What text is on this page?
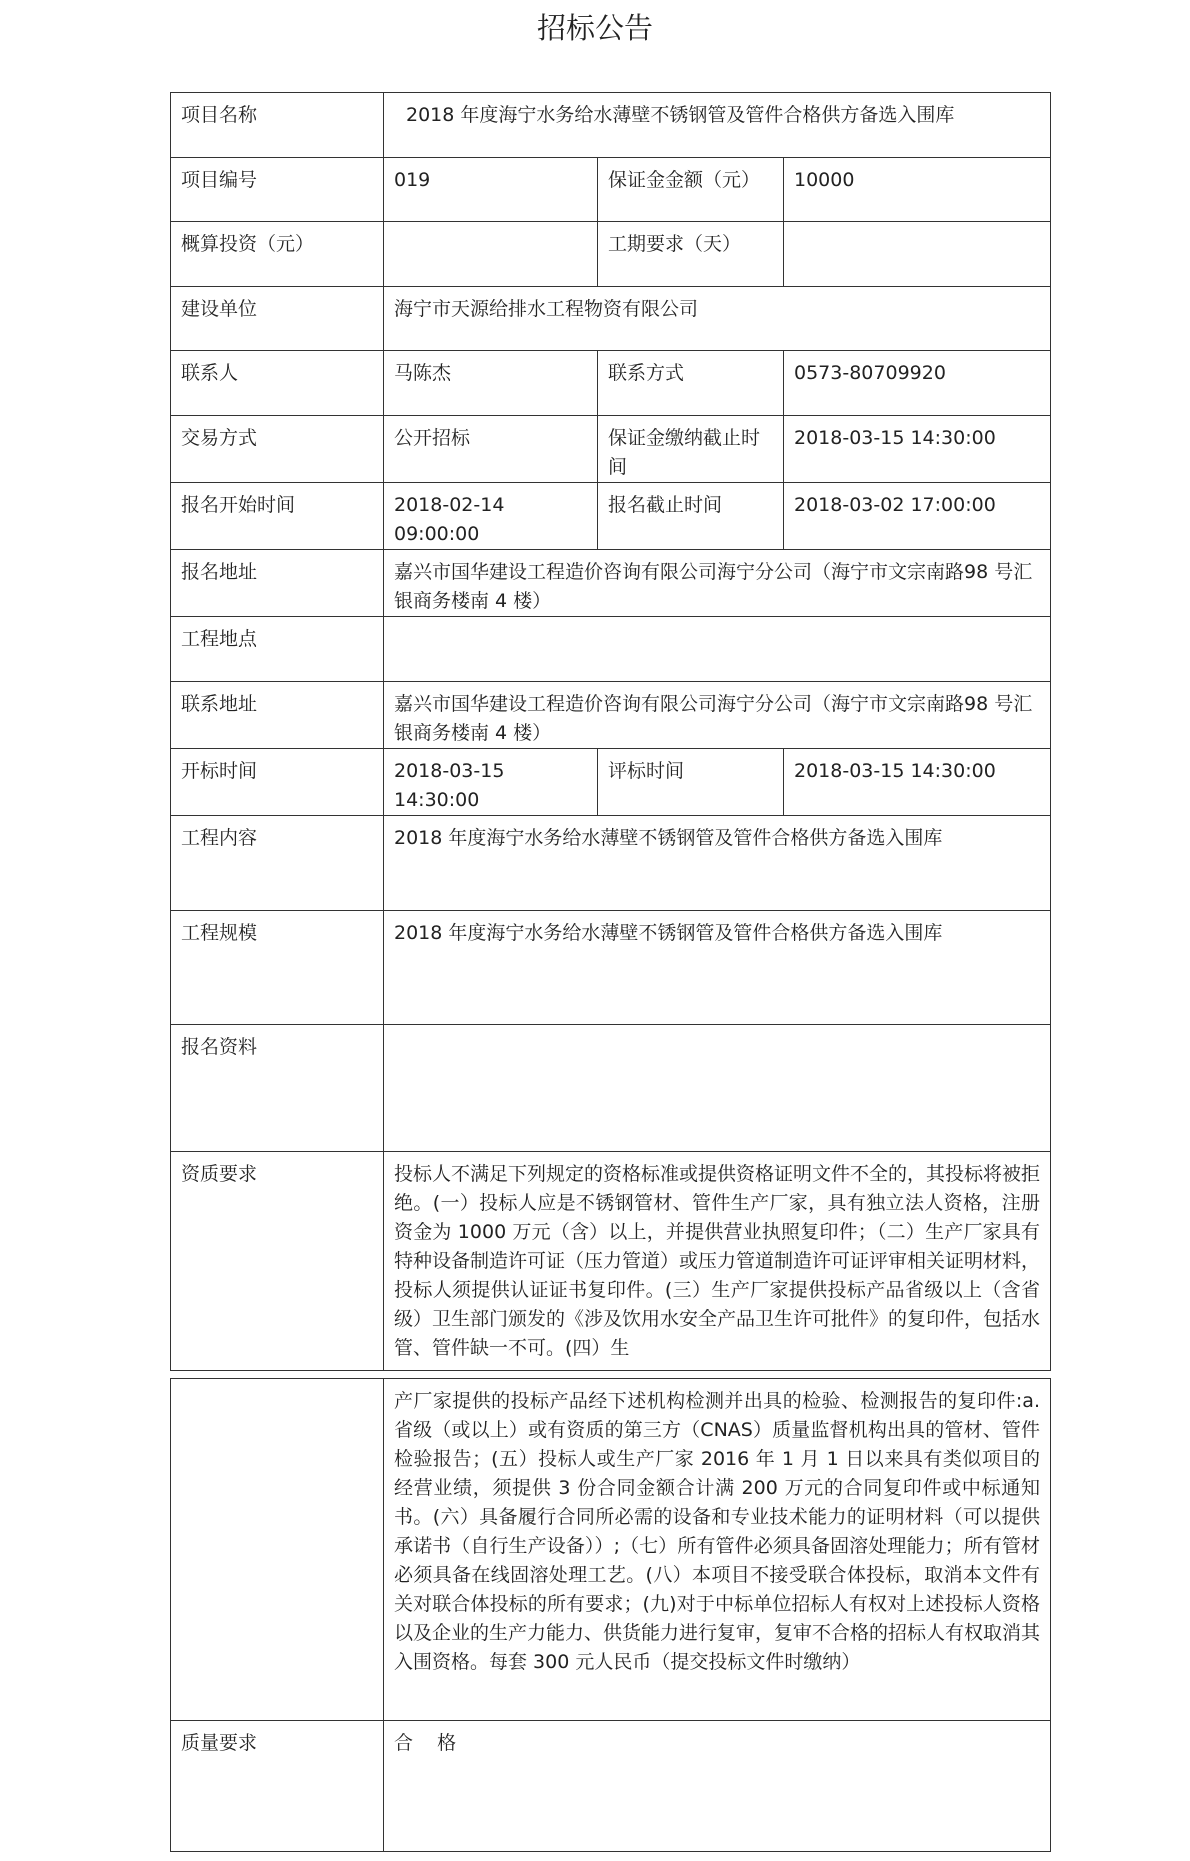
招标公告
项目名称	2018 年度海宁水务给水薄壁不锈钢管及管件合格供方备选入围库		
项目编号	019	保证金金额（元）	10000
概算投资（元）		工期要求（天）	
建设单位	海宁市天源给排水工程物资有限公司		
联系人	马陈杰	联系方式	0573-80709920
交易方式	公开招标	保证金缴纳截止时间	2018-03-15 14:30:00
报名开始时间	2018-02-14 09:00:00	报名截止时间	2018-03-02 17:00:00
报名地址	嘉兴市国华建设工程造价咨询有限公司海宁分公司（海宁市文宗南路98 号汇银商务楼南 4 楼）		
工程地点			
联系地址	嘉兴市国华建设工程造价咨询有限公司海宁分公司（海宁市文宗南路98 号汇银商务楼南 4 楼）		
开标时间	2018-03-15 14:30:00	评标时间	2018-03-15 14:30:00
工程内容	2018 年度海宁水务给水薄壁不锈钢管及管件合格供方备选入围库		
工程规模	2018 年度海宁水务给水薄壁不锈钢管及管件合格供方备选入围库		
报名资料			
资质要求	投标人不满足下列规定的资格标准或提供资格证明文件不全的，其投标将被拒绝。(一）投标人应是不锈钢管材、管件生产厂家，具有独立法人资格，注册资金为 1000 万元（含）以上，并提供营业执照复印件；（二）生产厂家具有特种设备制造许可证（压力管道）或压力管道制造许可证评审相关证明材料，投标人须提供认证证书复印件。(三）生产厂家提供投标产品省级以上（含省级）卫生部门颁发的《涉及饮用水安全产品卫生许可批件》的复印件，包括水管、管件缺一不可。(四）生		
	产厂家提供的投标产品经下述机构检测并出具的检验、检测报告的复印件:a.省级（或以上）或有资质的第三方（CNAS）质量监督机构出具的管材、管件检验报告；(五）投标人或生产厂家 2016 年 1 月 1 日以来具有类似项目的经营业绩，须提供 3 份合同金额合计满 200 万元的合同复印件或中标通知书。(六）具备履行合同所必需的设备和专业技术能力的证明材料（可以提供承诺书（自行生产设备））;（七）所有管件必须具备固溶处理能力；所有管材必须具备在线固溶处理工艺。(八）本项目不接受联合体投标，取消本文件有关对联合体投标的所有要求；(九)对于中标单位招标人有权对上述投标人资格以及企业的生产力能力、供货能力进行复审，复审不合格的招标人有权取消其入围资格。每套 300 元人民币（提交投标文件时缴纳）
质量要求	合    格
